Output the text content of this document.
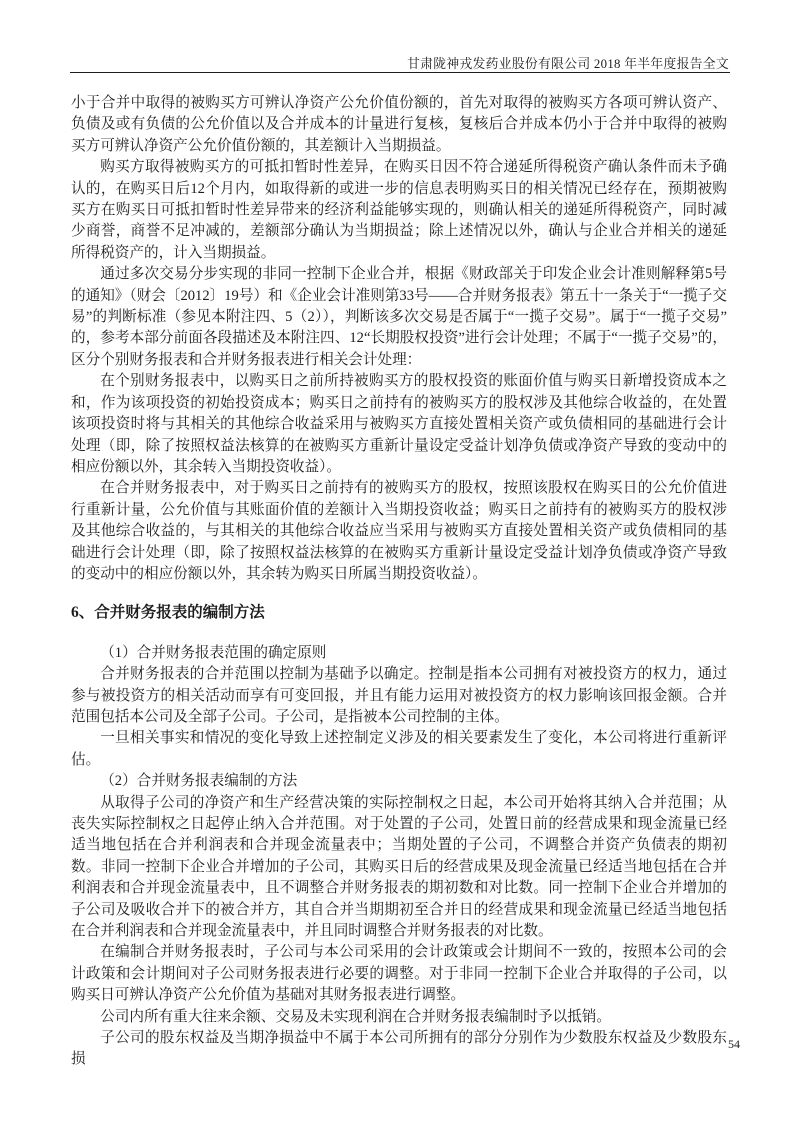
甘肃陇神戎发药业股份有限公司 2018 年半年度报告全文

小于合并中取得的被购买方可辨认净资产公允价值份额的，首先对取得的被购买方各项可辨认资产、负债及或有负债的公允价值以及合并成本的计量进行复核，复核后合并成本仍小于合并中取得的被购买方可辨认净资产公允价值份额的，其差额计入当期损益。

购买方取得被购买方的可抵扣暂时性差异，在购买日因不符合递延所得税资产确认条件而未予确认的，在购买日后12个月内，如取得新的或进一步的信息表明购买日的相关情况已经存在，预期被购买方在购买日可抵扣暂时性差异带来的经济利益能够实现的，则确认相关的递延所得税资产，同时减少商誉，商誉不足冲减的，差额部分确认为当期损益；除上述情况以外，确认与企业合并相关的递延所得税资产的，计入当期损益。

通过多次交易分步实现的非同一控制下企业合并，根据《财政部关于印发企业会计准则解释第5号的通知》（财会〔2012〕19号）和《企业会计准则第33号——合并财务报表》第五十一条关于“一揽子交易”的判断标准（参见本附注四、5（2）），判断该多次交易是否属于“一揽子交易”。属于“一揽子交易”的，参考本部分前面各段描述及本附注四、12“长期股权投资”进行会计处理；不属于“一揽子交易”的，区分个别财务报表和合并财务报表进行相关会计处理：

在个别财务报表中，以购买日之前所持被购买方的股权投资的账面价值与购买日新增投资成本之和，作为该项投资的初始投资成本；购买日之前持有的被购买方的股权涉及其他综合收益的，在处置该项投资时将与其相关的其他综合收益采用与被购买方直接处置相关资产或负债相同的基础进行会计处理（即，除了按照权益法核算的在被购买方重新计量设定受益计划净负债或净资产导致的变动中的相应份额以外，其余转入当期投资收益）。

在合并财务报表中，对于购买日之前持有的被购买方的股权，按照该股权在购买日的公允价值进行重新计量，公允价值与其账面价值的差额计入当期投资收益；购买日之前持有的被购买方的股权涉及其他综合收益的，与其相关的其他综合收益应当采用与被购买方直接处置相关资产或负债相同的基础进行会计处理（即，除了按照权益法核算的在被购买方重新计量设定受益计划净负债或净资产导致的变动中的相应份额以外，其余转为购买日所属当期投资收益）。

6、合并财务报表的编制方法

（1）合并财务报表范围的确定原则

合并财务报表的合并范围以控制为基础予以确定。控制是指本公司拥有对被投资方的权力，通过参与被投资方的相关活动而享有可变回报，并且有能力运用对被投资方的权力影响该回报金额。合并范围包括本公司及全部子公司。子公司，是指被本公司控制的主体。

一旦相关事实和情况的变化导致上述控制定义涉及的相关要素发生了变化，本公司将进行重新评估。

（2）合并财务报表编制的方法

从取得子公司的净资产和生产经营决策的实际控制权之日起，本公司开始将其纳入合并范围；从丧失实际控制权之日起停止纳入合并范围。对于处置的子公司，处置日前的经营成果和现金流量已经适当地包括在合并利润表和合并现金流量表中；当期处置的子公司，不调整合并资产负债表的期初数。非同一控制下企业合并增加的子公司，其购买日后的经营成果及现金流量已经适当地包括在合并利润表和合并现金流量表中，且不调整合并财务报表的期初数和对比数。同一控制下企业合并增加的子公司及吸收合并下的被合并方，其自合并当期期初至合并日的经营成果和现金流量已经适当地包括在合并利润表和合并现金流量表中，并且同时调整合并财务报表的对比数。

在编制合并财务报表时，子公司与本公司采用的会计政策或会计期间不一致的，按照本公司的会计政策和会计期间对子公司财务报表进行必要的调整。对于非同一控制下企业合并取得的子公司，以购买日可辨认净资产公允价值为基础对其财务报表进行调整。

公司内所有重大往来余额、交易及未实现利润在合并财务报表编制时予以抵销。

子公司的股东权益及当期净损益中不属于本公司所拥有的部分分别作为少数股东权益及少数股东损

54
